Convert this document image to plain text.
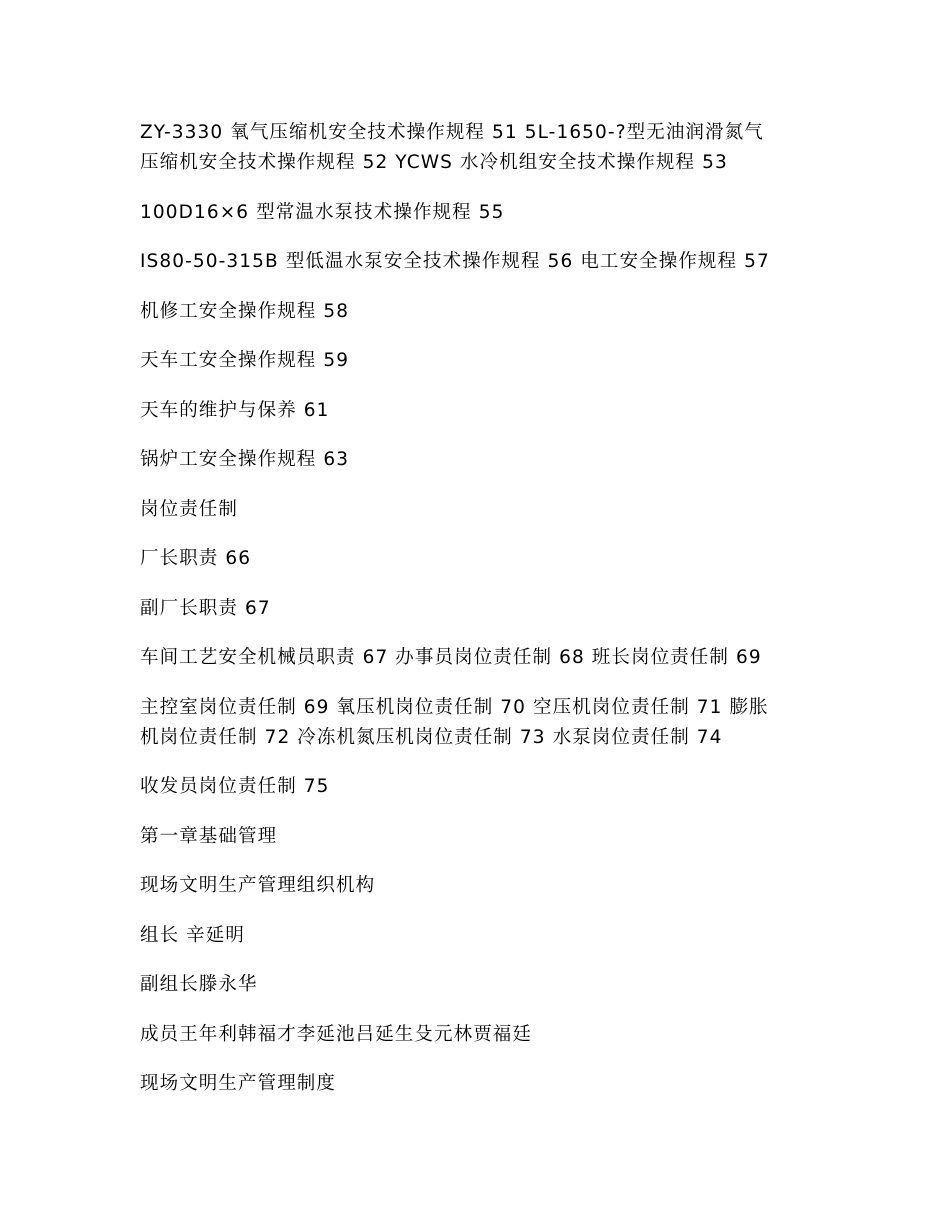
ZY-3330 氧气压缩机安全技术操作规程 51 5L-1650-?型无油润滑氮气
压缩机安全技术操作规程 52 YCWS 水冷机组安全技术操作规程 53

100D16×6 型常温水泵技术操作规程 55

IS80-50-315B 型低温水泵安全技术操作规程 56 电工安全操作规程 57

机修工安全操作规程 58

天车工安全操作规程 59

天车的维护与保养 61

锅炉工安全操作规程 63

岗位责任制

厂长职责 66

副厂长职责 67

车间工艺安全机械员职责 67 办事员岗位责任制 68 班长岗位责任制 69

主控室岗位责任制 69 氧压机岗位责任制 70 空压机岗位责任制 71 膨胀
机岗位责任制 72 冷冻机氮压机岗位责任制 73 水泵岗位责任制 74

收发员岗位责任制 75

第一章基础管理

现场文明生产管理组织机构

组长 辛延明

副组长滕永华

成员王年利韩福才李延池吕延生殳元林贾福廷

现场文明生产管理制度
